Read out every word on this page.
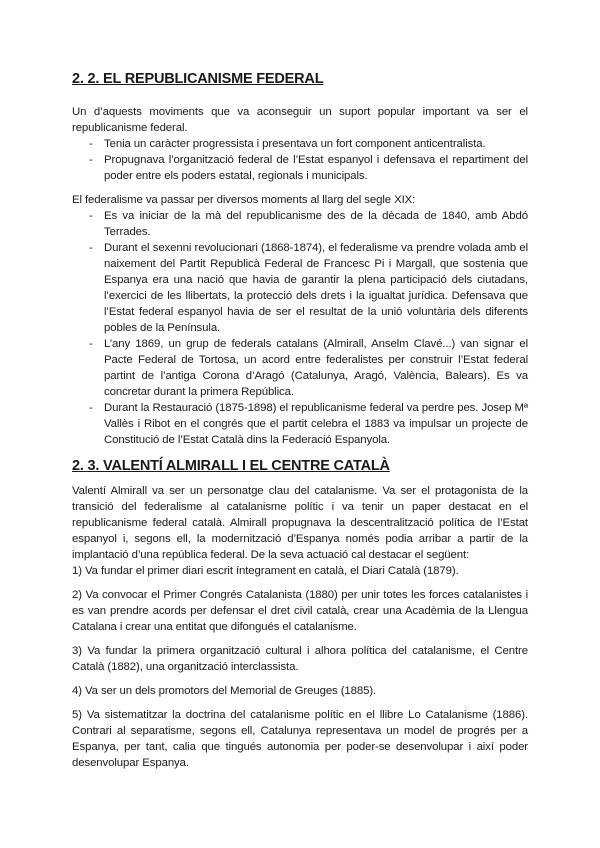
2. 2. EL REPUBLICANISME FEDERAL

Un d’aquests moviments que va aconseguir un suport popular important va ser el republicanisme federal.

- Tenia un caràcter progressista i presentava un fort component anticentralista.
- Propugnava l’organització federal de l’Estat espanyol i defensava el repartiment del poder entre els poders estatal, regionals i municipals.

El federalisme va passar per diversos moments al llarg del segle XIX:

- Es va iniciar de la mà del republicanisme des de la dècada de 1840, amb Abdó Terrades.
- Durant el sexenni revolucionari (1868-1874), el federalisme va prendre volada amb el naixement del Partit Republicà Federal de Francesc Pi i Margall, que sostenia que Espanya era una nació que havia de garantir la plena participació dels ciutadans, l’exercici de les llibertats, la protecció dels drets i la igualtat jurídica. Defensava que l’Estat federal espanyol havia de ser el resultat de la unió voluntària dels diferents pobles de la Península.
- L’any 1869, un grup de federals catalans (Almirall, Anselm Clavé...) van signar el Pacte Federal de Tortosa, un acord entre federalistes per construir l’Estat federal partint de l’antiga Corona d’Aragó (Catalunya, Aragó, València, Balears). Es va concretar durant la primera República.
- Durant la Restauració (1875-1898) el republicanisme federal va perdre pes. Josep Mª Vallès i Ribot en el congrés que el partit celebra el 1883 va impulsar un projecte de Constitució de l’Estat Català dins la Federació Espanyola.
2. 3. VALENTÍ ALMIRALL I EL CENTRE CATALÀ

Valentí Almirall va ser un personatge clau del catalanisme. Va ser el protagonista de la transició del federalisme al catalanisme polític i va tenir un paper destacat en el republicanisme federal català. Almirall propugnava la descentralització política de l’Estat espanyol i, segons ell, la modernització d’Espanya només podia arribar a partir de la implantació d’una república federal. De la seva actuació cal destacar el següent:

1) Va fundar el primer diari escrit íntegrament en català, el Diari Català (1879).

2) Va convocar el Primer Congrés Catalanista (1880) per unir totes les forces catalanistes i es van prendre acords per defensar el dret civil català, crear una Acadèmia de la Llengua Catalana i crear una entitat que difongués el catalanisme.

3) Va fundar la primera organització cultural i alhora política del catalanisme, el Centre Català (1882), una organització interclassista.

4) Va ser un dels promotors del Memorial de Greuges (1885).

5) Va sistematitzar la doctrina del catalanisme polític en el llibre Lo Catalanisme (1886). Contrari al separatisme, segons ell, Catalunya representava un model de progrés per a Espanya, per tant, calia que tingués autonomia per poder-se desenvolupar i així poder desenvolupar Espanya.
